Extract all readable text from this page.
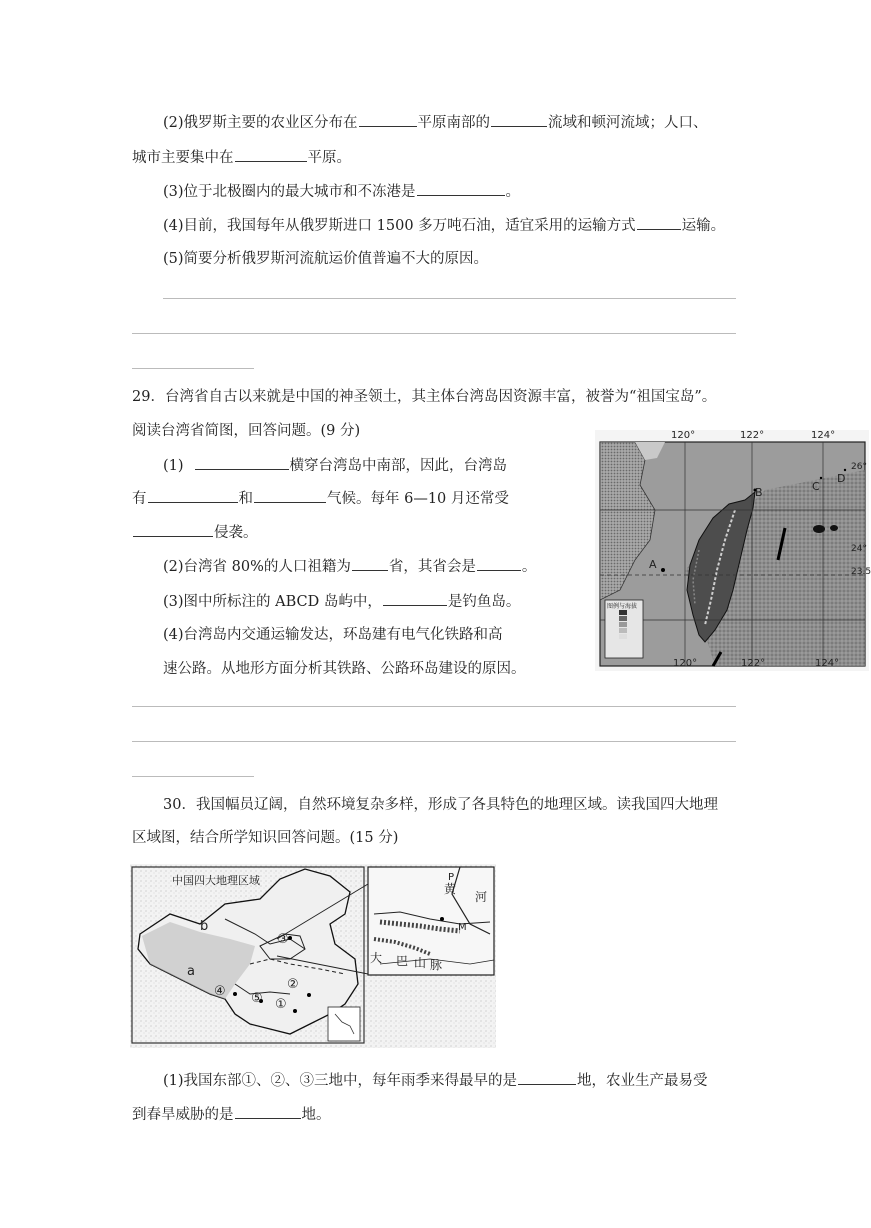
(2)俄罗斯主要的农业区分布在	平原南部的	流域和顿河流域；人口、
城市主要集中在	平原。
(3)位于北极圈内的最大城市和不冻港是	。
(4)目前，我国每年从俄罗斯进口 1500 多万吨石油，适宜采用的运输方式	运输。
(5)简要分析俄罗斯河流航运价值普遍不大的原因。
29．台湾省自古以来就是中国的神圣领土，其主体台湾岛因资源丰富，被誉为“祖国宝岛”。
阅读台湾省简图，回答问题。(9 分)
(1)	横穿台湾岛中南部，因此，台湾岛
有	和	气候。每年 6—10 月还常受
侵袭。
(2)台湾省 80%的人口祖籍为	省，其省会是	。
(3)图中所标注的 ABCD 岛屿中，	是钓鱼岛。
(4)台湾岛内交通运输发达，环岛建有电气化铁路和高
速公路。从地形方面分析其铁路、公路环岛建设的原因。
120°	122°	124°
120°	122°	124°
26°
24°
23.5
A
B	C
D
图例与海拔
30．我国幅员辽阔，自然环境复杂多样，形成了各具特色的地理区域。读我国四大地理
区域图，结合所学知识回答问题。(15 分)
中国四大地理区域
b
a
③
④ ⑤
②
①
P
黄
河
M
大 巴 山 脉
(1)我国东部①、②、③三地中，每年雨季来得最早的是	地，农业生产最易受
到春旱威胁的是	地。
